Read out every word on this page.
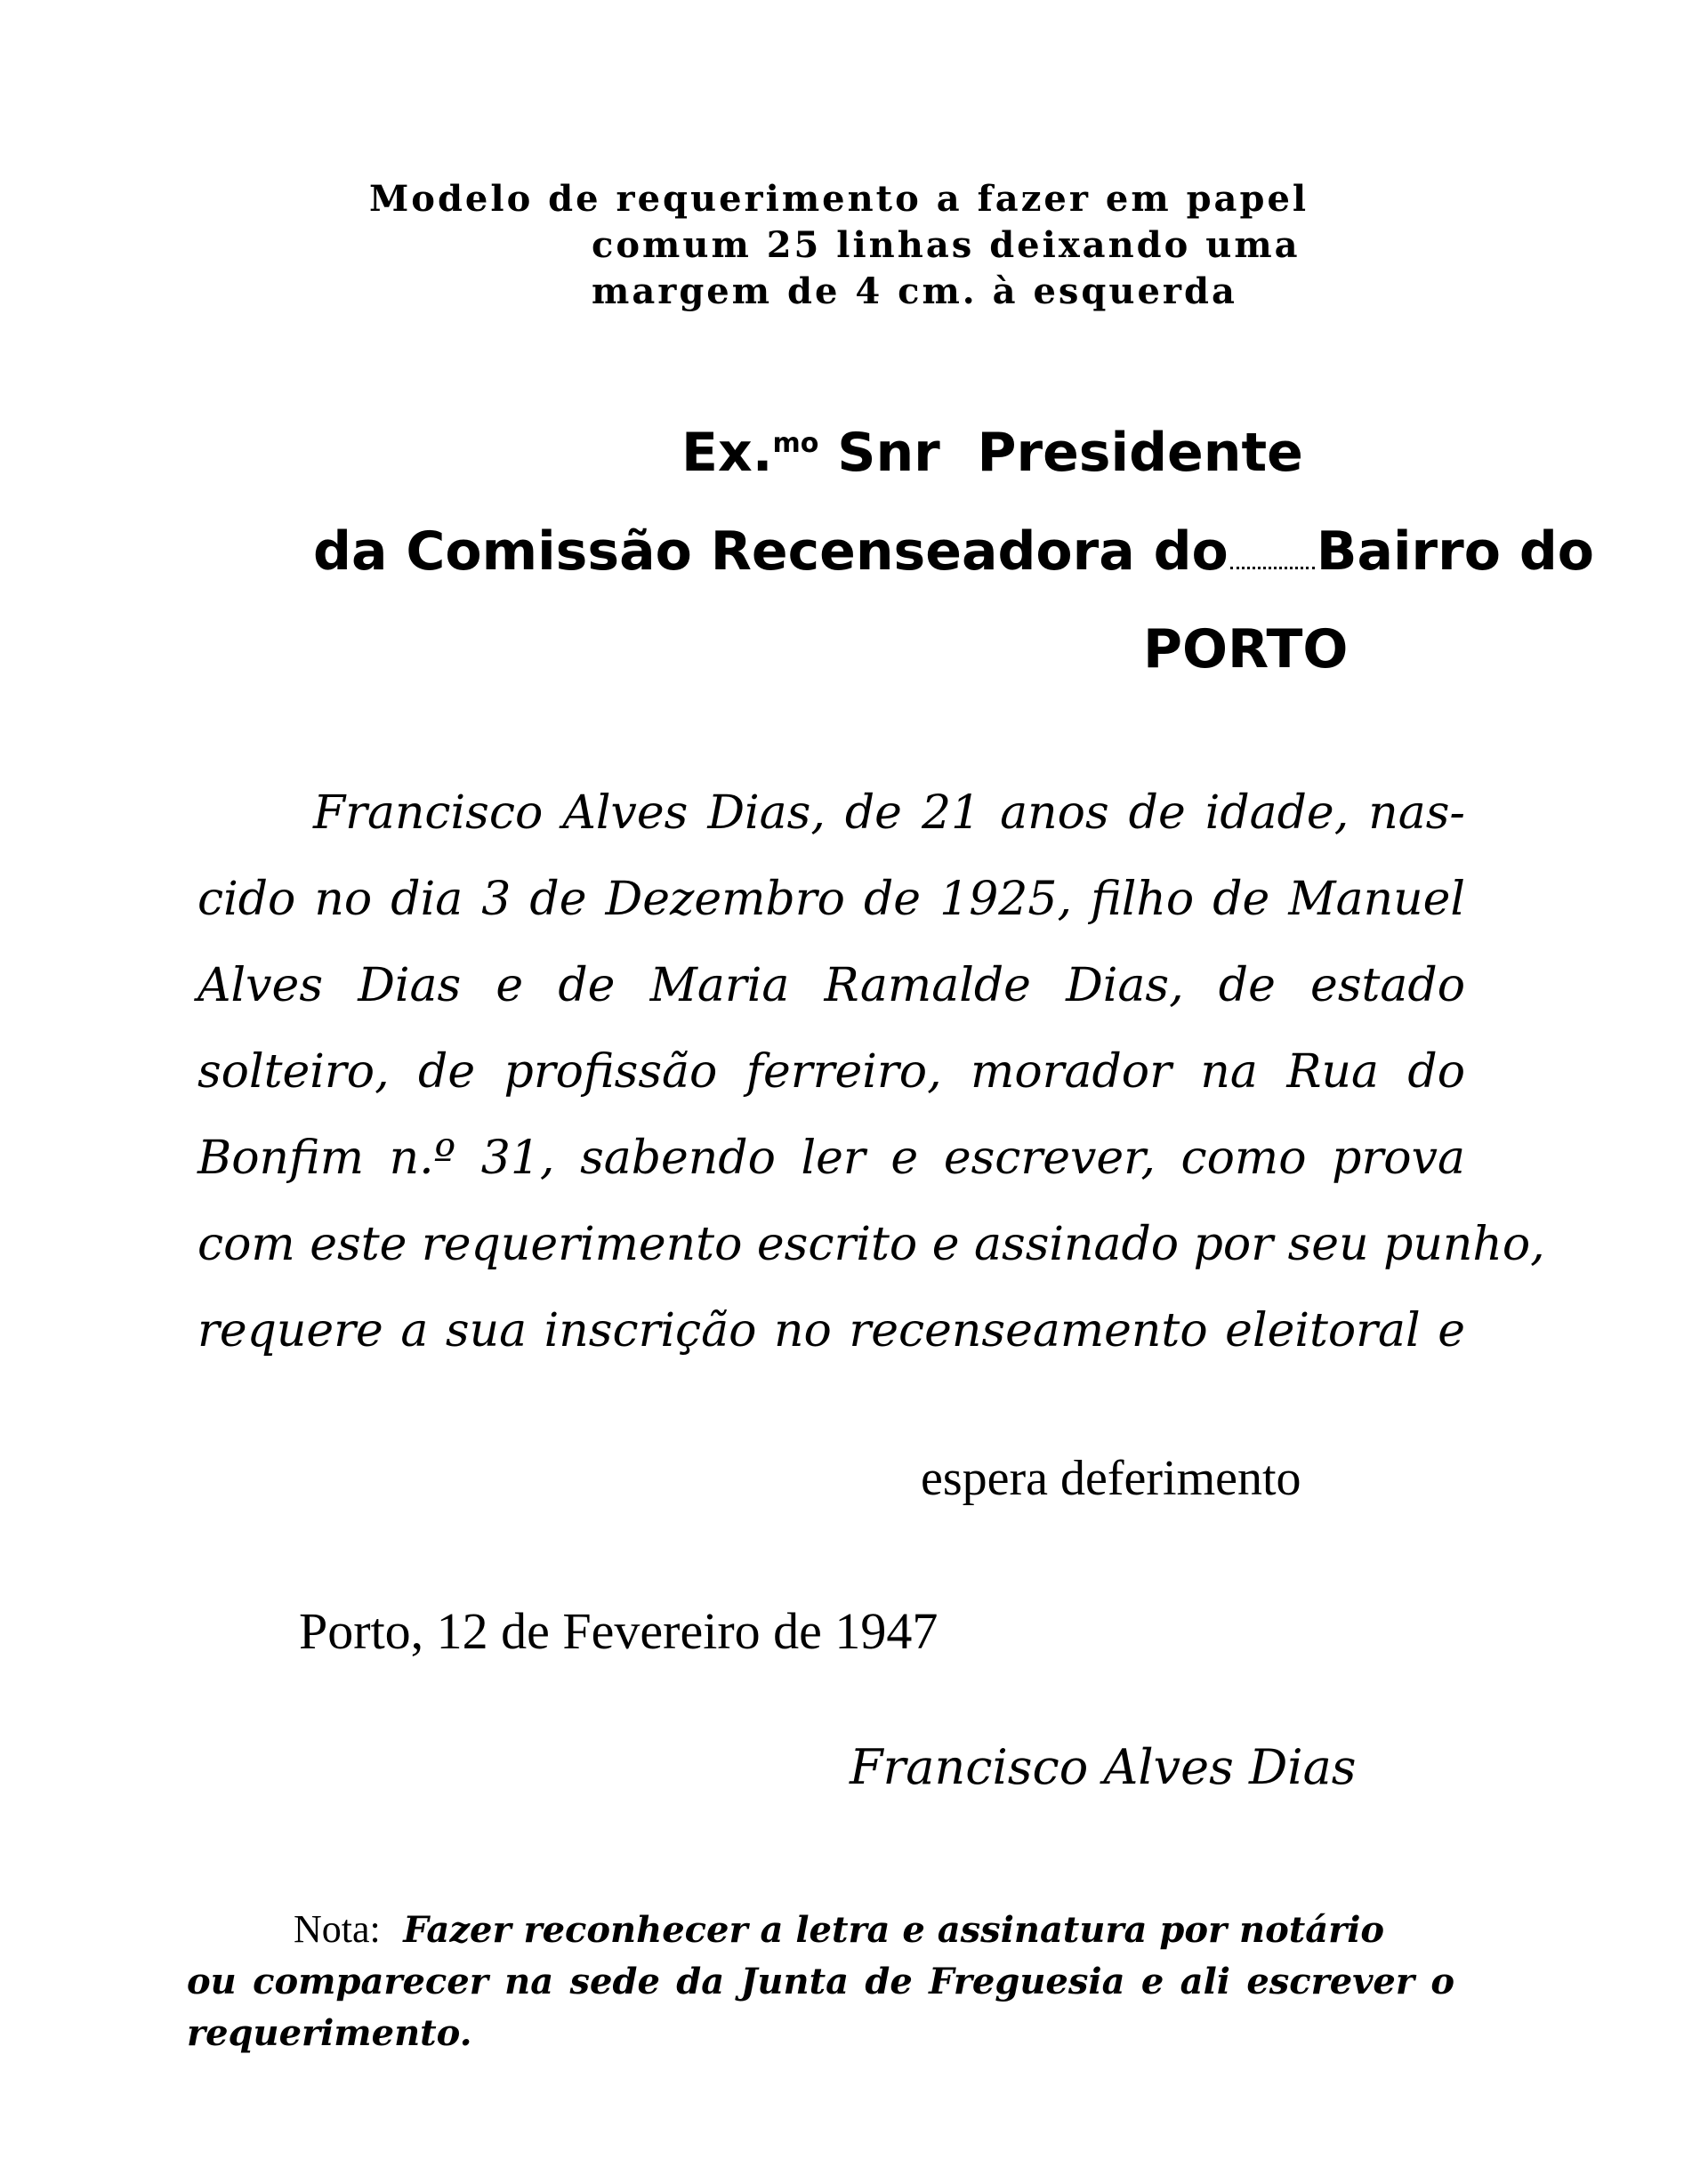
Modelo de requerimento a fazer em papel
comum 25 linhas deixando uma
margem de 4 cm. à esquerda
Ex.$^{mo}$ Snr  Presidente
da Comissão Recenseadora do Bairro do
PORTO
Francisco Alves Dias, de 21 anos de idade, nas-
cido no dia 3 de Dezembro de 1925, filho de Manuel
Alves Dias e de Maria Ramalde Dias, de estado
solteiro, de profissão ferreiro, morador na Rua do
Bonfim n.º 31, sabendo ler e escrever, como prova
com este requerimento escrito e assinado por seu punho,
requere a sua inscrição no recenseamento eleitoral e
espera deferimento
Porto, 12 de Fevereiro de 1947
Francisco Alves Dias
Nota: Fazer reconhecer a letra e assinatura por notário
ou comparecer na sede da Junta de Freguesia e ali escrever o
requerimento.
